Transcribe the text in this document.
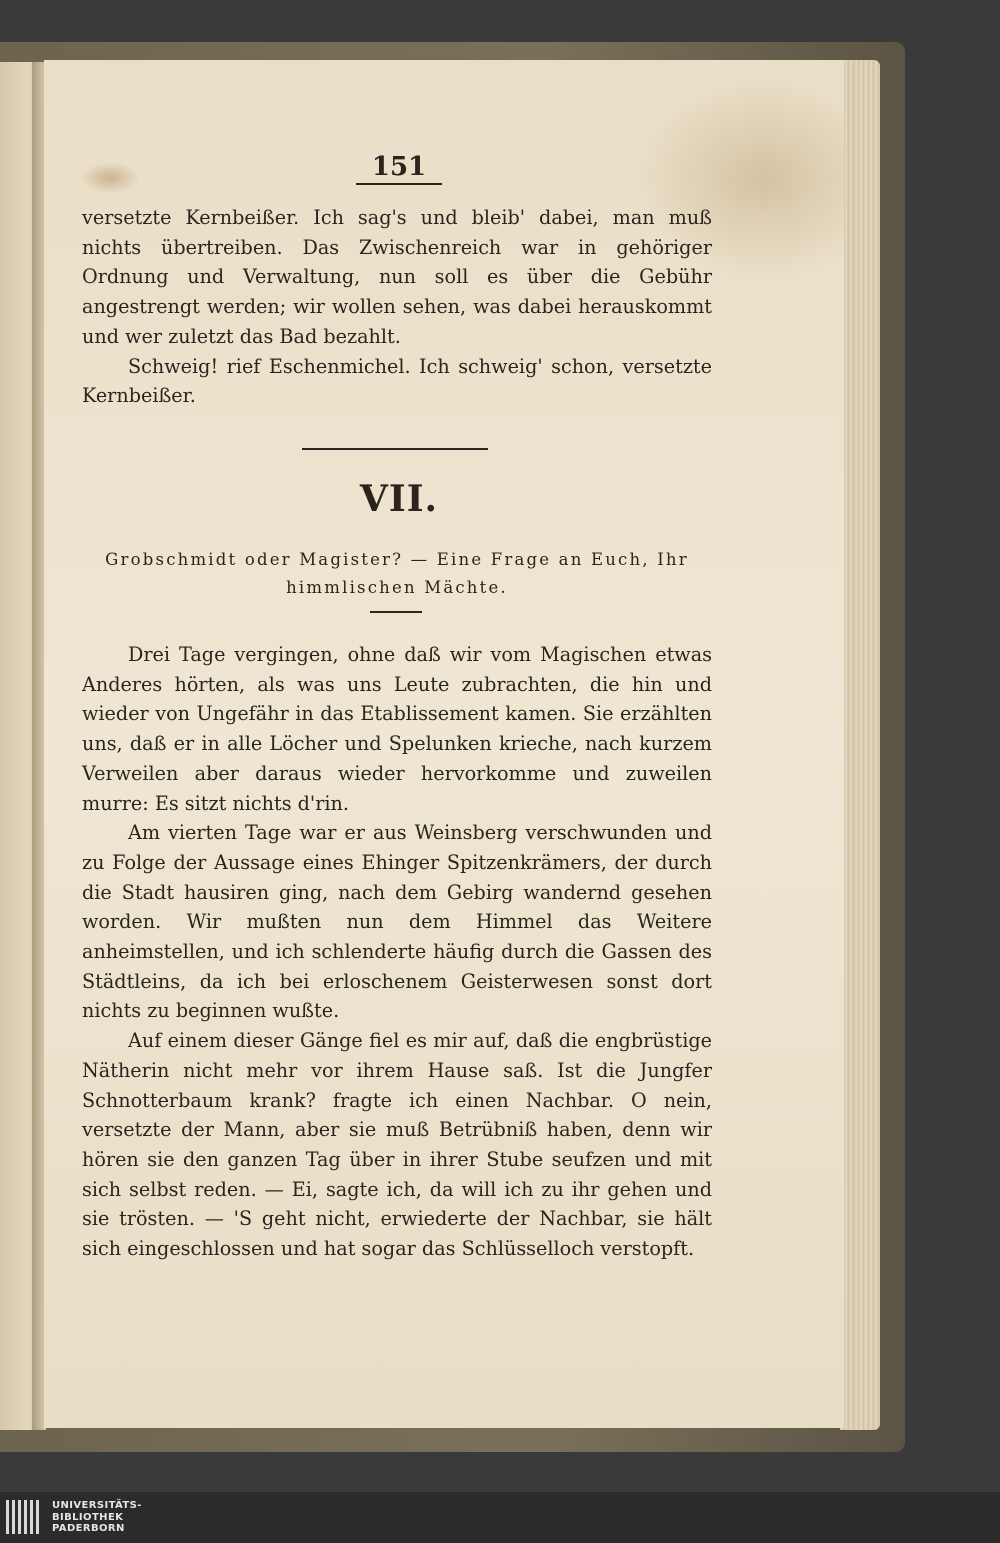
151

versetzte Kernbeißer. Ich sag's und bleib' dabei, man muß nichts übertreiben. Das Zwischenreich war in gehöriger Ordnung und Verwaltung, nun soll es über die Gebühr angestrengt werden; wir wollen sehen, was dabei herauskommt und wer zuletzt das Bad bezahlt.

Schweig! rief Eschenmichel. Ich schweig' schon, versetzte Kernbeißer.

VII.
Grobschmidt oder Magister? — Eine Frage an Euch, Ihr himmlischen Mächte.

Drei Tage vergingen, ohne daß wir vom Magischen etwas Anderes hörten, als was uns Leute zubrachten, die hin und wieder von Ungefähr in das Etablissement kamen. Sie erzählten uns, daß er in alle Löcher und Spelunken krieche, nach kurzem Verweilen aber daraus wieder hervorkomme und zuweilen murre: Es sitzt nichts d'rin.

Am vierten Tage war er aus Weinsberg verschwunden und zu Folge der Aussage eines Ehinger Spitzenkrämers, der durch die Stadt hausiren ging, nach dem Gebirg wandernd gesehen worden. Wir mußten nun dem Himmel das Weitere anheimstellen, und ich schlenderte häufig durch die Gassen des Städtleins, da ich bei erloschenem Geisterwesen sonst dort nichts zu beginnen wußte.

Auf einem dieser Gänge fiel es mir auf, daß die engbrüstige Nätherin nicht mehr vor ihrem Hause saß. Ist die Jungfer Schnotterbaum krank? fragte ich einen Nachbar. O nein, versetzte der Mann, aber sie muß Betrübniß haben, denn wir hören sie den ganzen Tag über in ihrer Stube seufzen und mit sich selbst reden. — Ei, sagte ich, da will ich zu ihr gehen und sie trösten. — 'S geht nicht, erwiederte der Nachbar, sie hält sich eingeschlossen und hat sogar das Schlüsselloch verstopft.

UNIVERSITÄTS-
BIBLIOTHEK
PADERBORN
